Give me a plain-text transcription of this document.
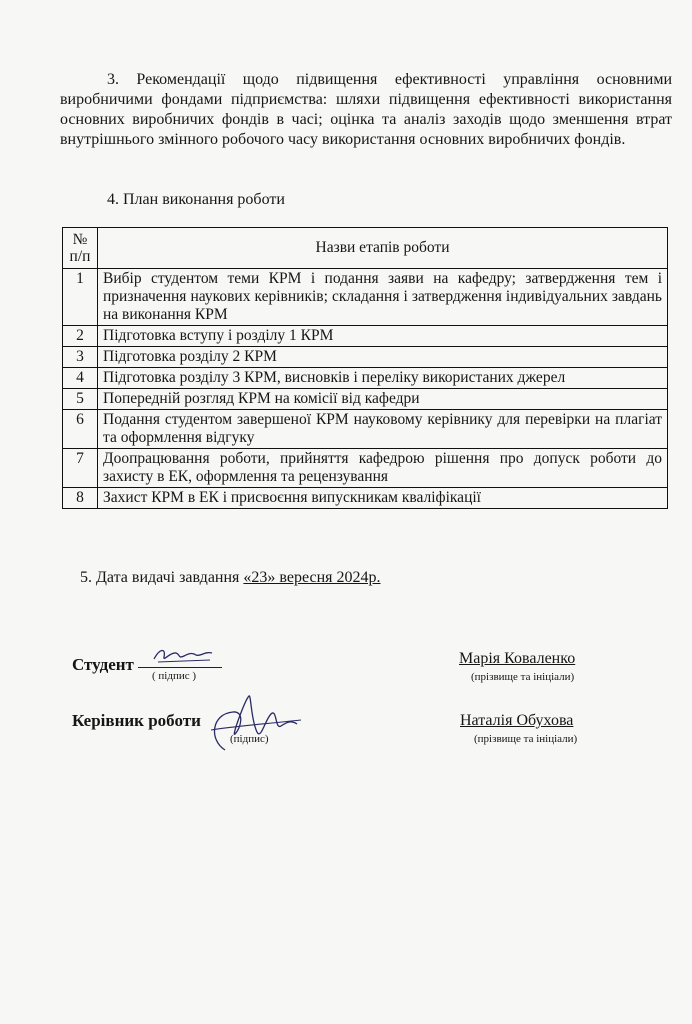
3. Рекомендації щодо підвищення ефективності управління основними виробничими фондами підприємства: шляхи підвищення ефективності використання основних виробничих фондів в часі; оцінка та аналіз заходів щодо зменшення втрат внутрішнього змінного робочого часу використання основних виробничих фондів.
4. План виконання роботи
№ п/п	Назви етапів роботи
1	Вибір студентом теми КРМ і подання заяви на кафедру; затвердження тем і призначення наукових керівників; складання і затвердження індивідуальних завдань на виконання КРМ
2	Підготовка вступу і розділу 1 КРМ
3	Підготовка розділу 2 КРМ
4	Підготовка розділу 3 КРМ, висновків і переліку використаних джерел
5	Попередній розгляд КРМ на комісії від кафедри
6	Подання студентом завершеної КРМ науковому керівнику для перевірки на плагіат та оформлення відгуку
7	Доопрацювання роботи, прийняття кафедрою рішення про допуск роботи до захисту в ЕК, оформлення та рецензування
8	Захист КРМ в ЕК і присвоєння випускникам кваліфікації
5. Дата видачі завдання «23» вересня 2024р.
Студент
( підпис )
Марія Коваленко
(прізвище та ініціали)
Керівник роботи
(підпис)
Наталія Обухова
(прізвище та ініціали)
